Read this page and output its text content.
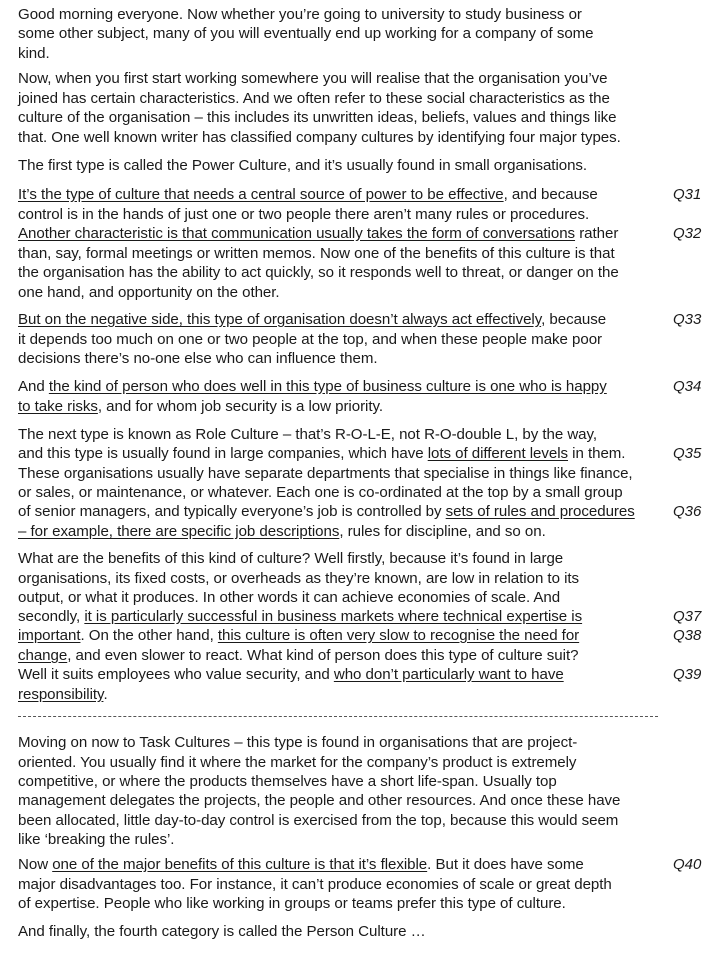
Good morning everyone. Now whether you’re going to university to study business or
some other subject, many of you will eventually end up working for a company of some
kind.
Now, when you first start working somewhere you will realise that the organisation you’ve
joined has certain characteristics. And we often refer to these social characteristics as the
culture of the organisation – this includes its unwritten ideas, beliefs, values and things like
that. One well known writer has classified company cultures by identifying four major types.
The first type is called the Power Culture, and it’s usually found in small organisations.
It’s the type of culture that needs a central source of power to be effective, and because	Q31
control is in the hands of just one or two people there aren’t many rules or procedures.
Another characteristic is that communication usually takes the form of conversations rather	Q32
than, say, formal meetings or written memos. Now one of the benefits of this culture is that
the organisation has the ability to act quickly, so it responds well to threat, or danger on the
one hand, and opportunity on the other.
But on the negative side, this type of organisation doesn’t always act effectively, because	Q33
it depends too much on one or two people at the top, and when these people make poor
decisions there’s no-one else who can influence them.
And the kind of person who does well in this type of business culture is one who is happy	Q34
to take risks, and for whom job security is a low priority.
The next type is known as Role Culture – that’s R-O-L-E, not R-O-double L, by the way,
and this type is usually found in large companies, which have lots of different levels in them.	Q35
These organisations usually have separate departments that specialise in things like finance,
or sales, or maintenance, or whatever. Each one is co-ordinated at the top by a small group
of senior managers, and typically everyone’s job is controlled by sets of rules and procedures	Q36
– for example, there are specific job descriptions, rules for discipline, and so on.
What are the benefits of this kind of culture? Well firstly, because it’s found in large
organisations, its fixed costs, or overheads as they’re known, are low in relation to its
output, or what it produces. In other words it can achieve economies of scale. And
secondly, it is particularly successful in business markets where technical expertise is	Q37
important. On the other hand, this culture is often very slow to recognise the need for	Q38
change, and even slower to react. What kind of person does this type of culture suit?
Well it suits employees who value security, and who don’t particularly want to have	Q39
responsibility.
Moving on now to Task Cultures – this type is found in organisations that are project-
oriented. You usually find it where the market for the company’s product is extremely
competitive, or where the products themselves have a short life-span. Usually top
management delegates the projects, the people and other resources. And once these have
been allocated, little day-to-day control is exercised from the top, because this would seem
like ‘breaking the rules’.
Now one of the major benefits of this culture is that it’s flexible. But it does have some	Q40
major disadvantages too. For instance, it can’t produce economies of scale or great depth
of expertise. People who like working in groups or teams prefer this type of culture.
And finally, the fourth category is called the Person Culture …
